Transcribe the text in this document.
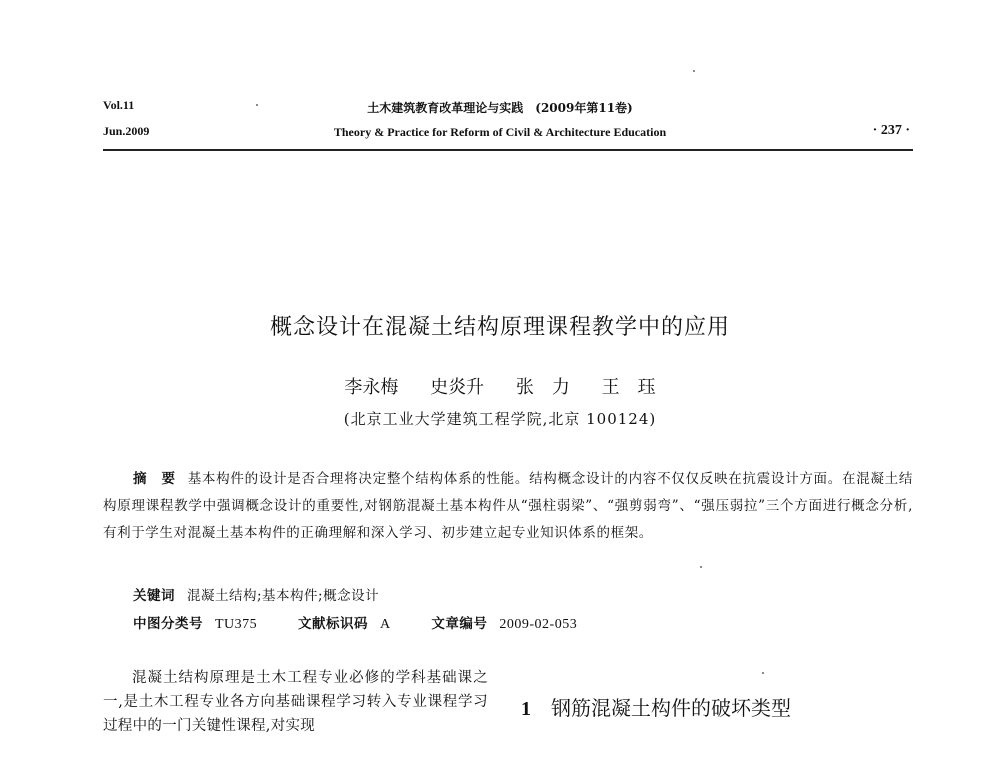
Vol.11
Jun.2009
土木建筑教育改革理论与实践　(2009年第11卷)
Theory & Practice for Reform of Civil & Architecture Education	· 237 ·
概念设计在混凝土结构原理课程教学中的应用
李永梅 史炎升 张　力 王　珏
(北京工业大学建筑工程学院,北京 100124)
摘　要 基本构件的设计是否合理将决定整个结构体系的性能。结构概念设计的内容不仅仅反映在抗震设计方面。在混凝土结构原理课程教学中强调概念设计的重要性,对钢筋混凝土基本构件从“强柱弱梁”、“强剪弱弯”、“强压弱拉”三个方面进行概念分析,有利于学生对混凝土基本构件的正确理解和深入学习、初步建立起专业知识体系的框架。
关键词 混凝土结构;基本构件;概念设计
中图分类号 TU375	文献标识码 A	文章编号 2009-02-053
混凝土结构原理是土木工程专业必修的学科基础课之一,是土木工程专业各方向基础课程学习转入专业课程学习过程中的一门关键性课程,对实现
1 钢筋混凝土构件的破坏类型
